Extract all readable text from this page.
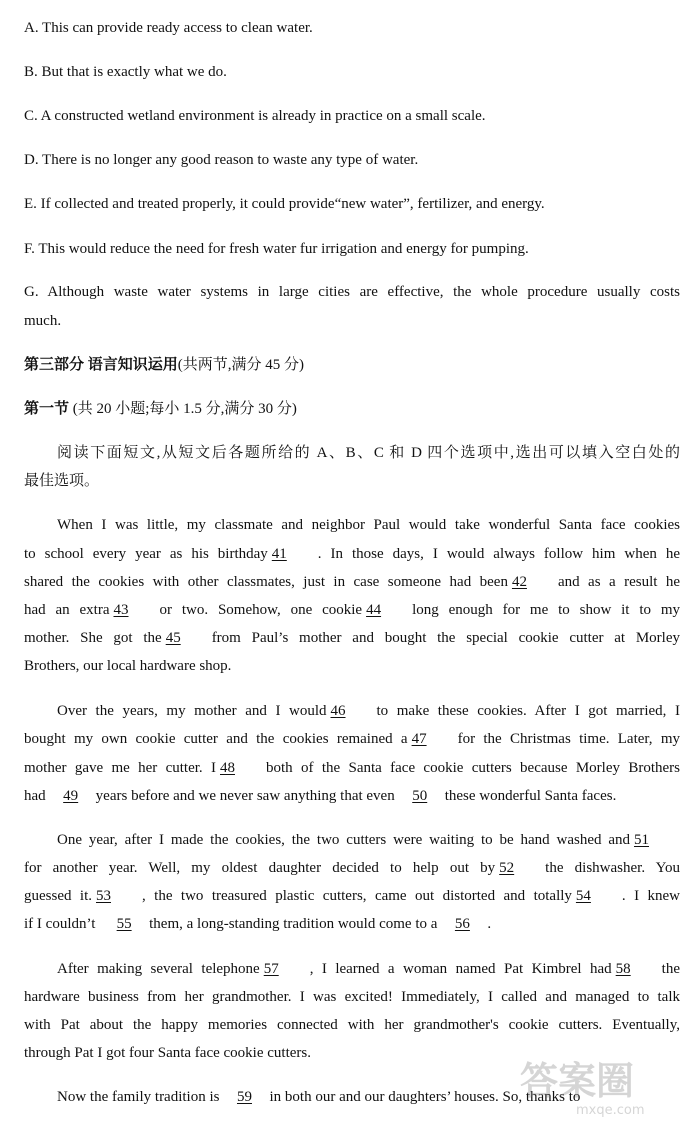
A. This can provide ready access to clean water.
B. But that is exactly what we do.
C. A constructed wetland environment is already in practice on a small scale.
D. There is no longer any good reason to waste any type of water.
E. If collected and treated properly, it could provide“new water”, fertilizer, and energy.
F. This would reduce the need for fresh water fur irrigation and energy for pumping.
G. Although waste water systems in large cities are effective, the whole procedure usually costs
much.
第三部分 语言知识运用(共两节,满分 45 分)
第一节 (共 20 小题;每小 1.5 分,满分 30 分)
阅读下面短文,从短文后各题所给的 A、B、C 和 D 四个选项中,选出可以填入空白处的
最佳选项。
When I was little, my classmate and neighbor Paul would take wonderful Santa face cookies
to school every year as his birthday 41 . In those days, I would always follow him when he
shared the cookies with other classmates, just in case someone had been 42 and as a result he
had an extra 43 or two. Somehow, one cookie 44 long enough for me to show it to my
mother. She got the 45 from Paul’s mother and bought the special cookie cutter at Morley
Brothers, our local hardware shop.
Over the years, my mother and I would 46 to make these cookies. After I got married, I
bought my own cookie cutter and the cookies remained a 47 for the Christmas time. Later, my
mother gave me her cutter. I 48 both of the Santa face cookie cutters because Morley Brothers
had 49 years before and we never saw anything that even 50 these wonderful Santa faces.
One year, after I made the cookies, the two cutters were waiting to be hand washed and 51
for another year. Well, my oldest daughter decided to help out by 52 the dishwasher. You
guessed it. 53 , the two treasured plastic cutters, came out distorted and totally 54 . I knew
if I couldn’t 55 them, a long-standing tradition would come to a 56 .
After making several telephone 57 , I learned a woman named Pat Kimbrel had 58 the
hardware business from her grandmother. I was excited! Immediately, I called and managed to talk
with Pat about the happy memories connected with her grandmother's cookie cutters. Eventually,
through Pat I got four Santa face cookie cutters.
Now the family tradition is 59 in both our and our daughters’ houses. So, thanks to
答案圈
mxqe.com
